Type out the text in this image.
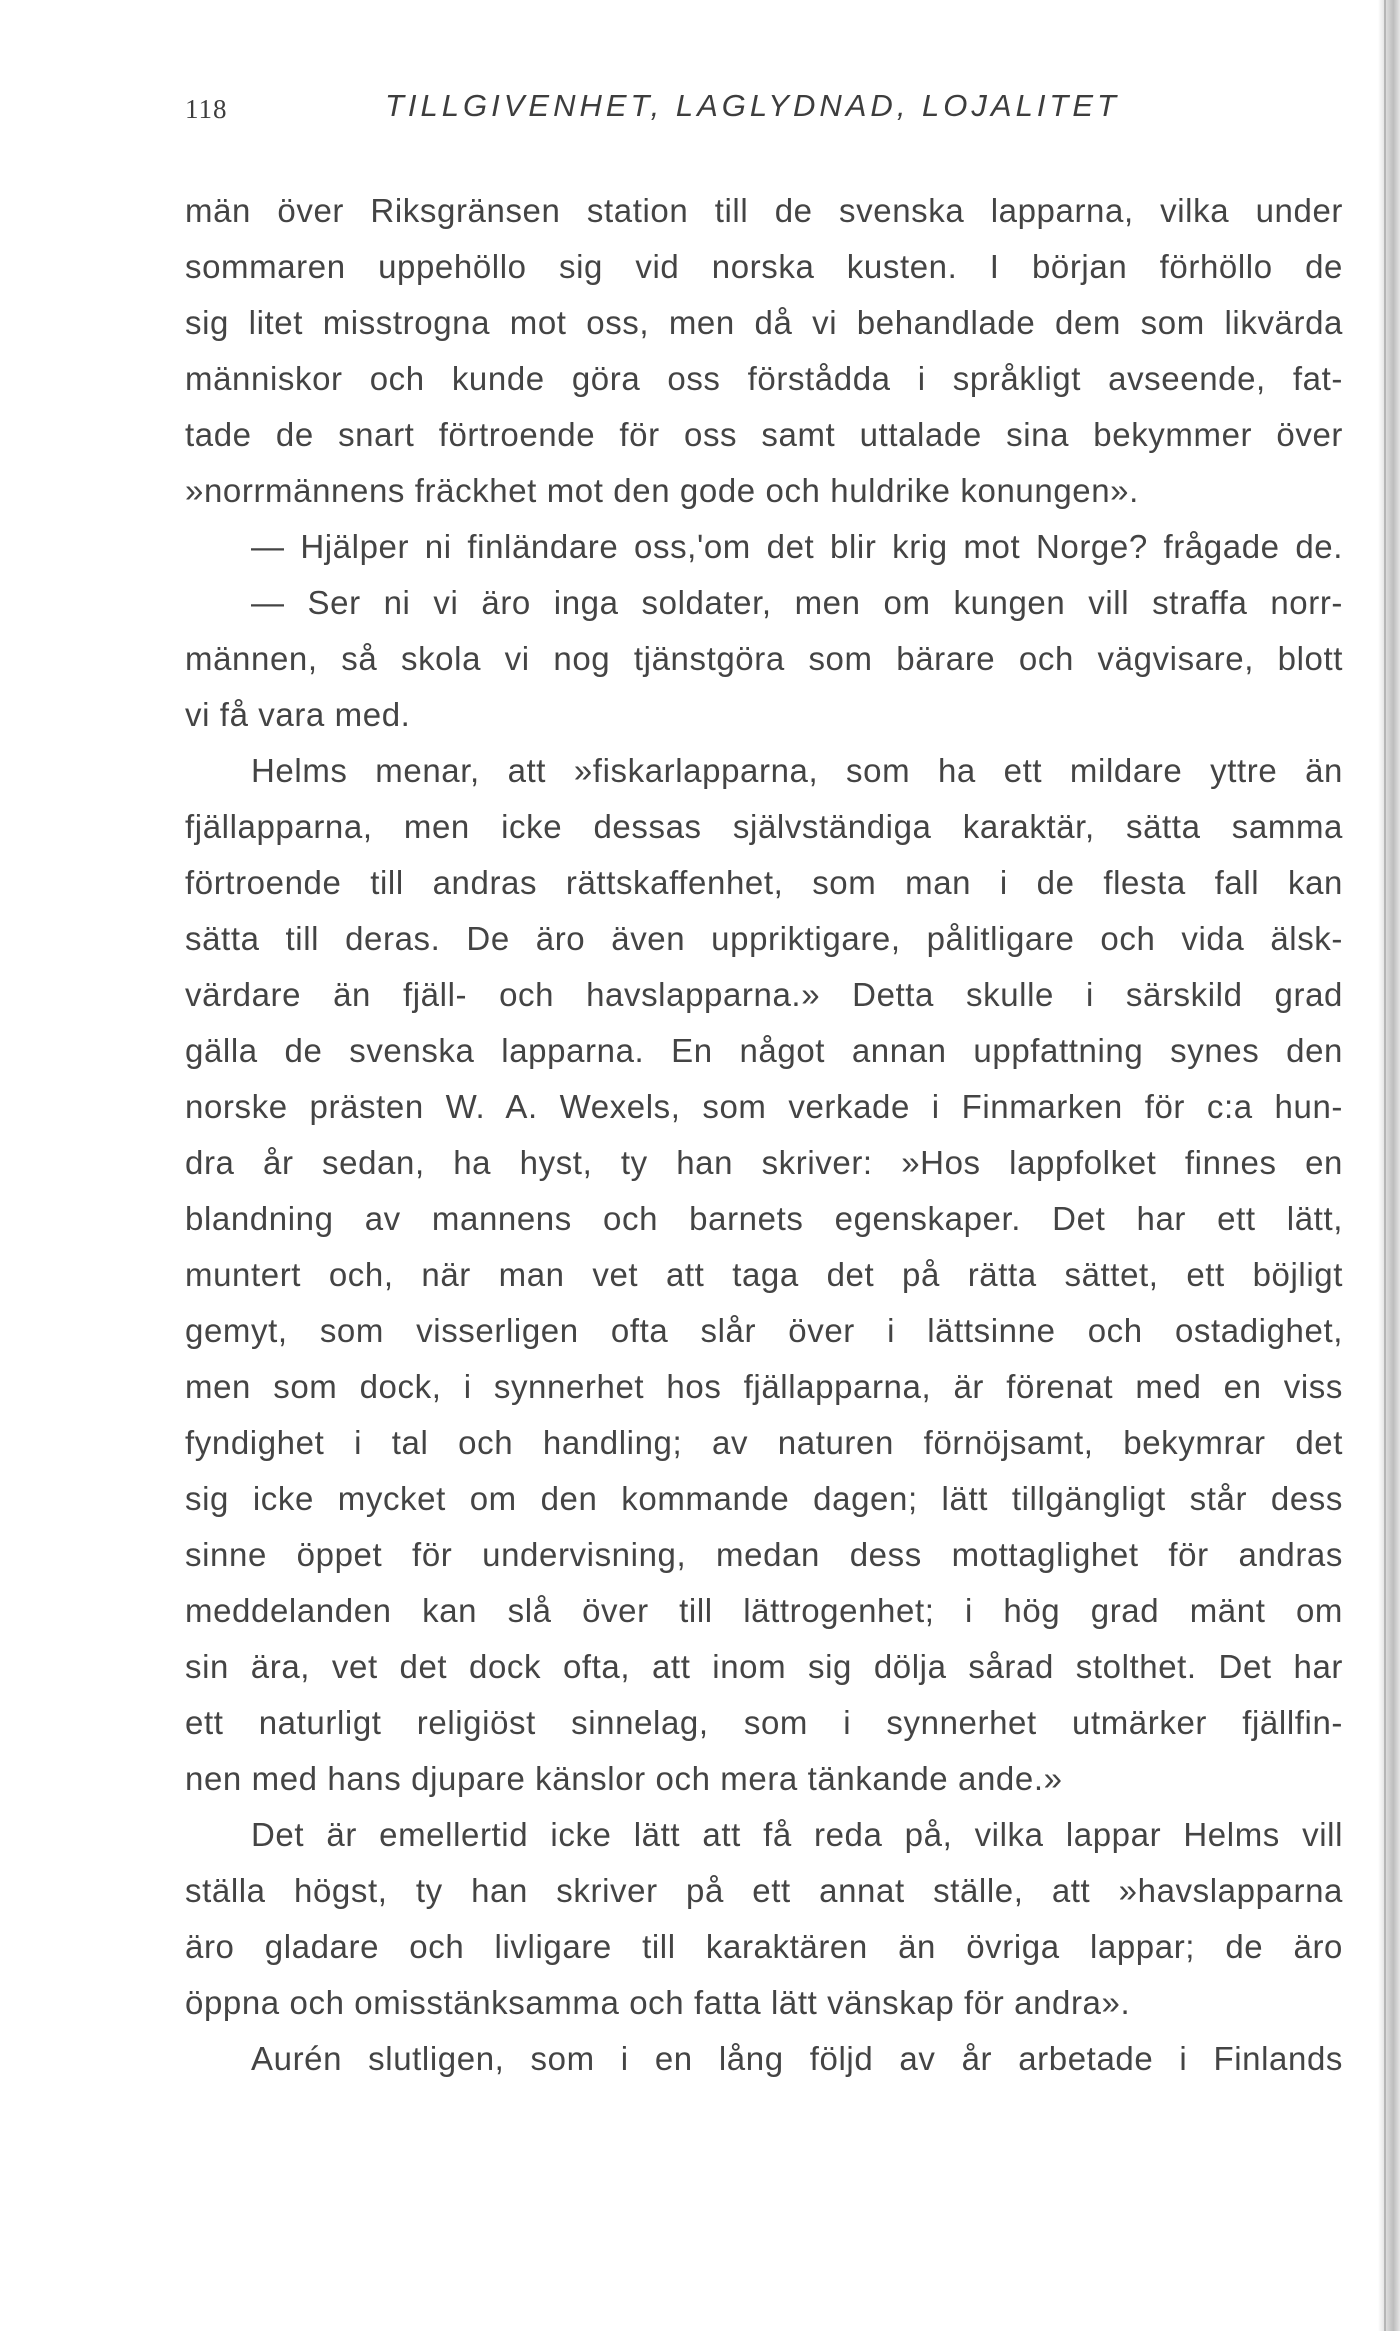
118	TILLGIVENHET, LAGLYDNAD, LOJALITET
män över Riksgränsen station till de svenska lapparna, vilka under
sommaren uppehöllo sig vid norska kusten. I början förhöllo de
sig litet misstrogna mot oss, men då vi behandlade dem som likvärda
människor och kunde göra oss förstådda i språkligt avseende, fat-
tade de snart förtroende för oss samt uttalade sina bekymmer över
»norrmännens fräckhet mot den gode och huldrike konungen».
— Hjälper ni finländare oss,ʹom det blir krig mot Norge? frågade de.
— Ser ni vi äro inga soldater, men om kungen vill straffa norr-
männen, så skola vi nog tjänstgöra som bärare och vägvisare, blott
vi få vara med.
Helms menar, att »fiskarlapparna, som ha ett mildare yttre än
fjällapparna, men icke dessas självständiga karaktär, sätta samma
förtroende till andras rättskaffenhet, som man i de flesta fall kan
sätta till deras. De äro även uppriktigare, pålitligare och vida älsk-
värdare än fjäll- och havslapparna.» Detta skulle i särskild grad
gälla de svenska lapparna. En något annan uppfattning synes den
norske prästen W. A. Wexels, som verkade i Finmarken för c:a hun-
dra år sedan, ha hyst, ty han skriver: »Hos lappfolket finnes en
blandning av mannens och barnets egenskaper. Det har ett lätt,
muntert och, när man vet att taga det på rätta sättet, ett böjligt
gemyt, som visserligen ofta slår över i lättsinne och ostadighet,
men som dock, i synnerhet hos fjällapparna, är förenat med en viss
fyndighet i tal och handling; av naturen förnöjsamt, bekymrar det
sig icke mycket om den kommande dagen; lätt tillgängligt står dess
sinne öppet för undervisning, medan dess mottaglighet för andras
meddelanden kan slå över till lättrogenhet; i hög grad mänt om
sin ära, vet det dock ofta, att inom sig dölja sårad stolthet. Det har
ett naturligt religiöst sinnelag, som i synnerhet utmärker fjällfin-
nen med hans djupare känslor och mera tänkande ande.»
Det är emellertid icke lätt att få reda på, vilka lappar Helms vill
ställa högst, ty han skriver på ett annat ställe, att »havslapparna
äro gladare och livligare till karaktären än övriga lappar; de äro
öppna och omisstänksamma och fatta lätt vänskap för andra».
Aurén slutligen, som i en lång följd av år arbetade i Finlands
